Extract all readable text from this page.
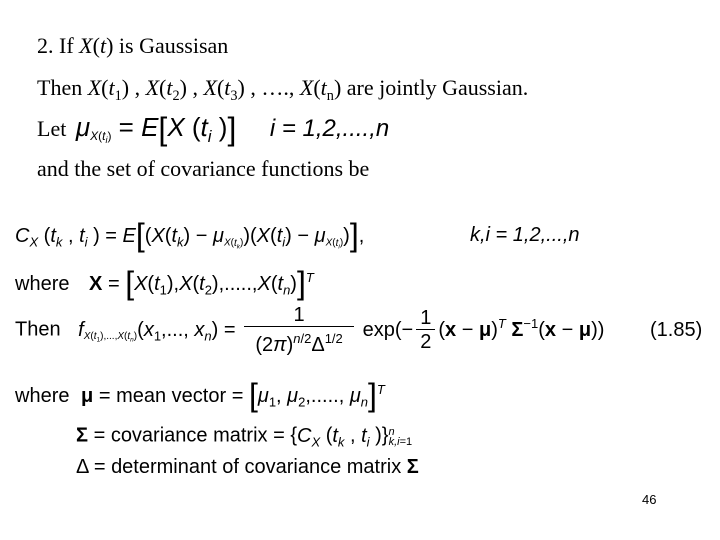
2. If X(t) is Gaussisan
Then $X(t_1)$ , $X(t_2)$ , $X(t_3)$ , …., $X(t_n)$ are jointly Gaussian.
Let $\mu_{X(t_i)} = E[X$ ($t_i$ )] i = 1,2,....,n
and the set of covariance functions be
$C_X$ ($t_k$ , $t_i$ ) = $E[(X(t_k) - \mu_{X(t_k)})(X(t_i) - \mu_{X(t_i)})]$,	k,i = 1,2,...,n
where $X = [X(t_1),X(t_2),.....,X(t_n)]^T$
Then $f_{X(t_1),...,X(t_n)}(x_1$,..., $x_n) = \frac{1}{(2\pi)^{n/2}\Delta^{1/2}} \exp(- \frac{1}{2} (x - \mu)^T$ $\Sigma^{-1}(x - \mu)$) (1.85)
where μ = mean vector = [$\mu_1$, $\mu_2$,....., $\mu_n]^T$
Σ = covariance matrix = {$C_X$ ($t_k$ , $t_i$ )}$^n_{k,i=1}$
Δ = determinant of covariance matrix Σ
46
